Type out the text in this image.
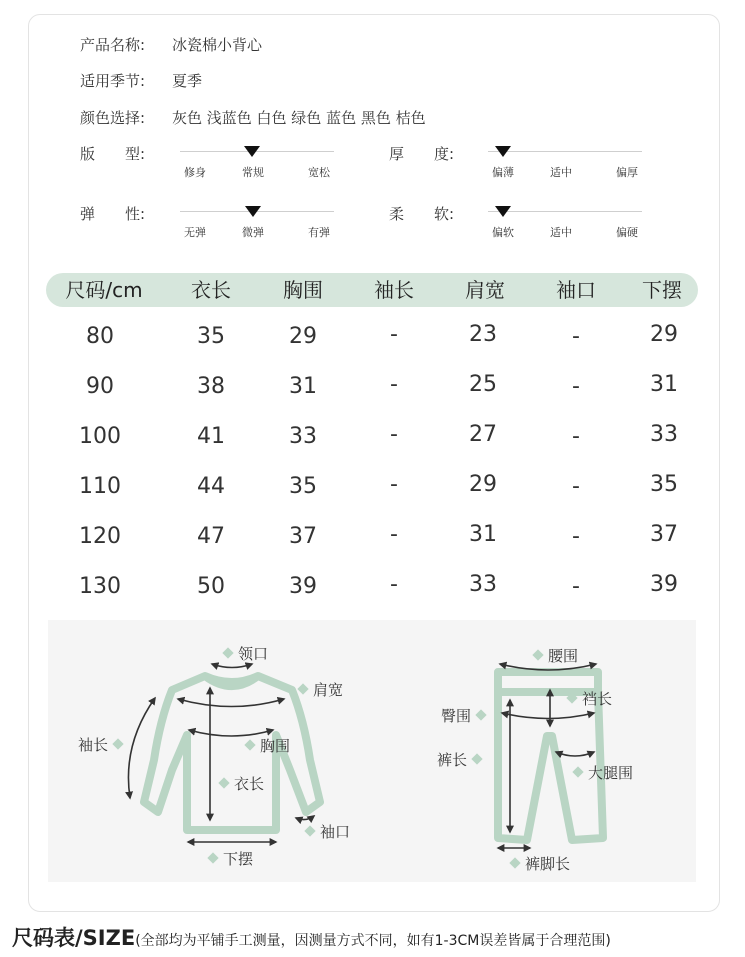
产品名称: 冰瓷棉小背心
适用季节: 夏季
颜色选择: 灰色 浅蓝色 白色 绿色 蓝色 黑色 桔色
版　　型:
修身	常规	宽松
厚　　度:
偏薄	适中	偏厚
弹　　性:
无弹	微弹	有弹
柔　　软:
偏软	适中	偏硬
尺码/cm 衣长	胸围	袖长	肩宽	袖口 下摆
80	35	29	-	23	-	29
90	38	31	-	25	-	31
100	41	33	-	27	-	33
110	44	35	-	29	-	35
120	47	37	-	31	-	37
130	50	39	-	33	-	39
领口
肩宽
袖长	胸围
衣长
袖口
下摆
腰围
裆长
臀围
裤长
大腿围
裤脚长
尺码表/SIZE(全部均为平铺手工测量，因测量方式不同，如有1-3CM误差皆属于合理范围)
